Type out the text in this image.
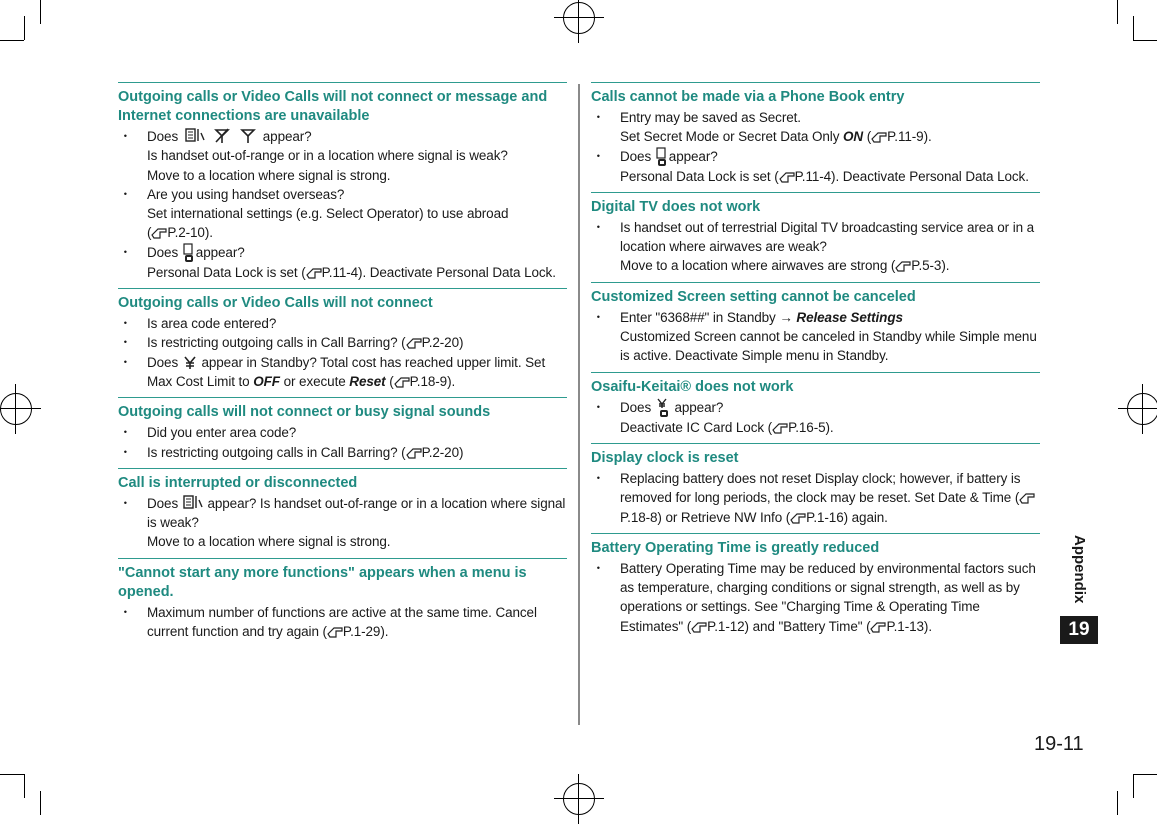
Outgoing calls or Video Calls will not connect or message and Internet connections are unavailable
･ Does	appear?
Is handset out-of-range or in a location where signal is weak?
Move to a location where signal is strong.
･ Are you using handset overseas?
Set international settings (e.g. Select Operator) to use abroad
( P.2-10).
･ Does appear?
Personal Data Lock is set ( P.11-4). Deactivate Personal Data Lock.
Outgoing calls or Video Calls will not connect
･ Is area code entered?
･ Is restricting outgoing calls in Call Barring? ( P.2-20)
･ Does appear in Standby? Total cost has reached upper limit. Set Max Cost Limit to OFF or execute Reset ( P.18-9).
Outgoing calls will not connect or busy signal sounds
･ Did you enter area code?
･ Is restricting outgoing calls in Call Barring? ( P.2-20)
Call is interrupted or disconnected
･ Does appear? Is handset out-of-range or in a location where signal is weak?
Move to a location where signal is strong.
"Cannot start any more functions" appears when a menu is opened.
･ Maximum number of functions are active at the same time. Cancel current function and try again ( P.1-29).
Calls cannot be made via a Phone Book entry
･ Entry may be saved as Secret.
Set Secret Mode or Secret Data Only ON ( P.11-9).
･ Does appear?
Personal Data Lock is set ( P.11-4). Deactivate Personal Data Lock.
Digital TV does not work
･ Is handset out of terrestrial Digital TV broadcasting service area or in a location where airwaves are weak?
Move to a location where airwaves are strong ( P.5-3).
Customized Screen setting cannot be canceled
･ Enter "6368##" in Standby → Release Settings
Customized Screen cannot be canceled in Standby while Simple menu is active. Deactivate Simple menu in Standby.
Osaifu-Keitai® does not work
･ Does appear?
Deactivate IC Card Lock ( P.16-5).
Display clock is reset
･ Replacing battery does not reset Display clock; however, if battery is removed for long periods, the clock may be reset. Set Date & Time (P.18-8) or Retrieve NW Info ( P.1-16) again.
Battery Operating Time is greatly reduced
･ Battery Operating Time may be reduced by environmental factors such as temperature, charging conditions or signal strength, as well as by operations or settings. See "Charging Time & Operating Time Estimates" ( P.1-12) and "Battery Time" ( P.1-13).
Appendix
19
19-11
